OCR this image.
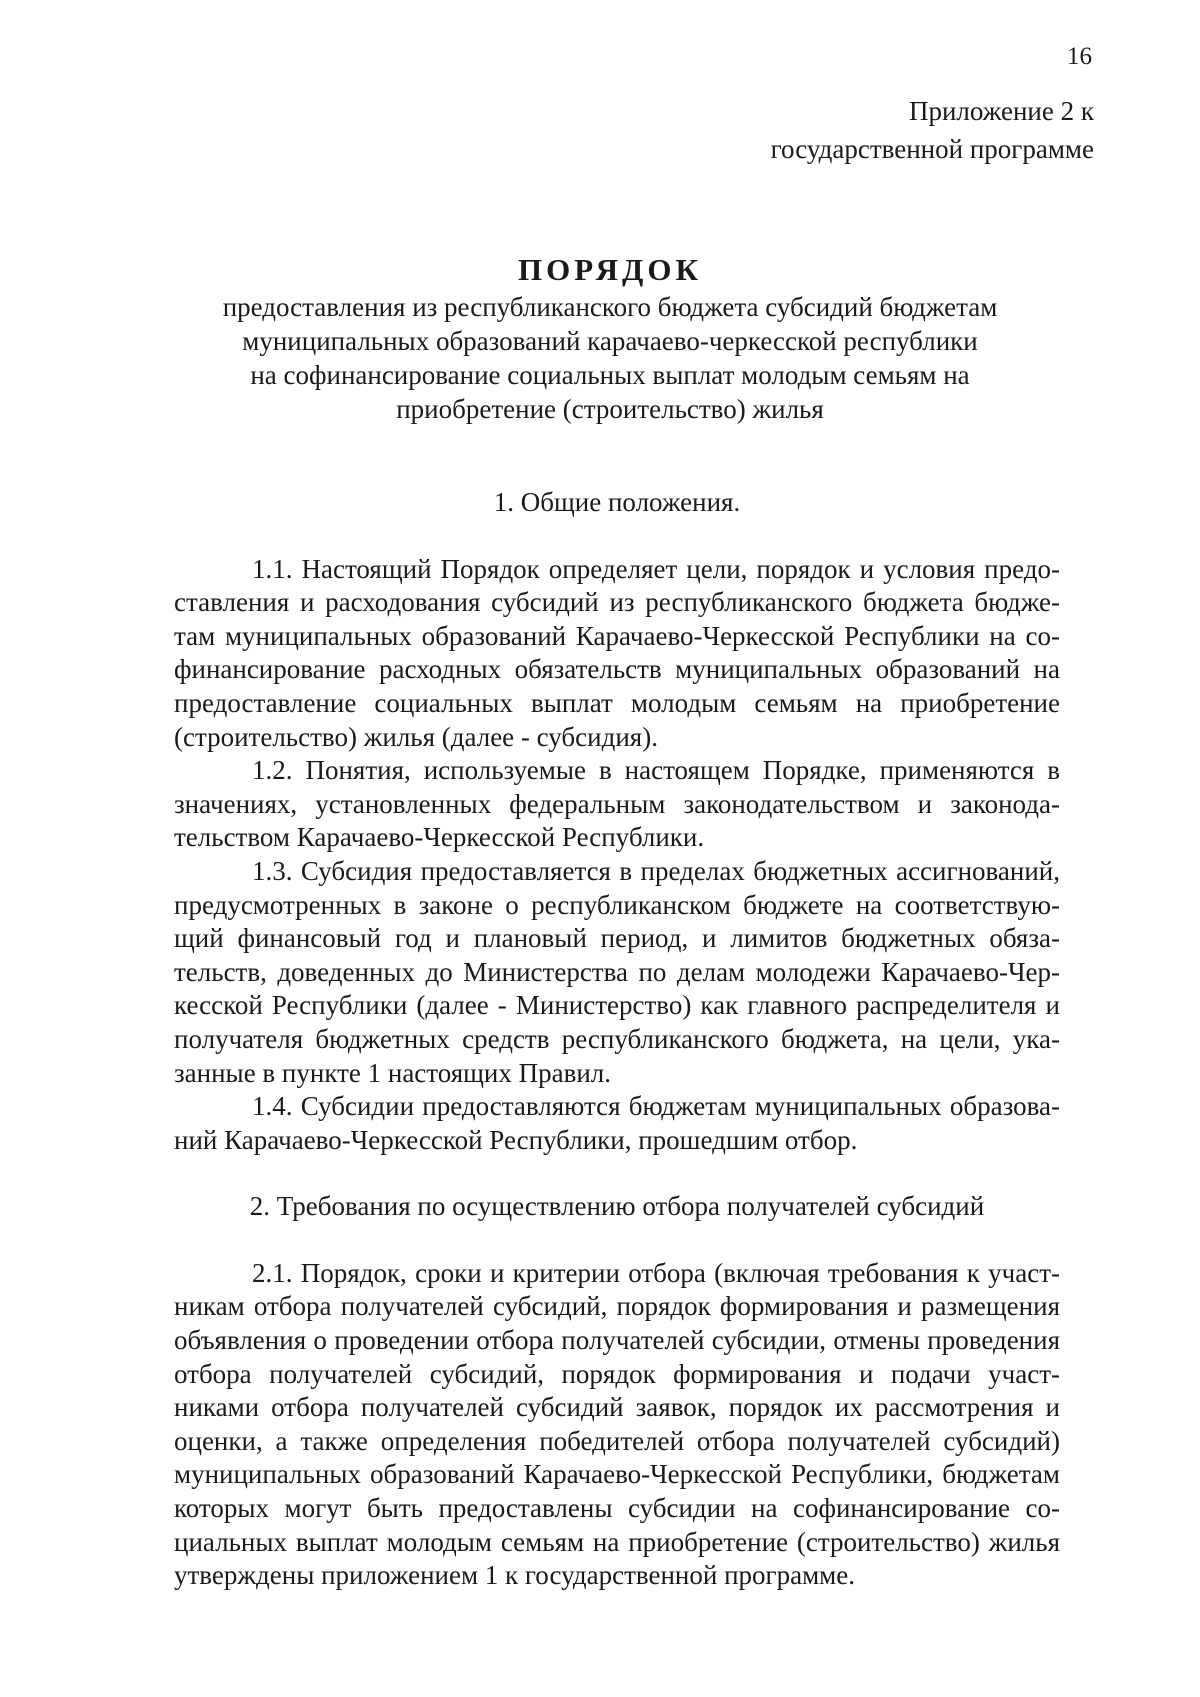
16
Приложение 2 к
государственной программе

ПОРЯДОК

предоставления из республиканского бюджета субсидий бюджетам

муниципальных образований карачаево-черкесской республики

на софинансирование социальных выплат молодым семьям на

приобретение (строительство) жилья

1. Общие положения.

1.1. Настоящий Порядок определяет цели, порядок и условия предоставления и расходования субсидий из республиканского бюджета бюджетам муниципальных образований Карачаево-Черкесской Республики на софинансирование расходных обязательств муниципальных образований на предоставление социальных выплат молодым семьям на приобретение (строительство) жилья (далее - субсидия).

1.2. Понятия, используемые в настоящем Порядке, применяются в значениях, установленных федеральным законодательством и законодательством Карачаево-Черкесской Республики.

1.3. Субсидия предоставляется в пределах бюджетных ассигнований, предусмотренных в законе о республиканском бюджете на соответствующий финансовый год и плановый период, и лимитов бюджетных обязательств, доведенных до Министерства по делам молодежи Карачаево-Черкесской Республики (далее - Министерство) как главного распределителя и получателя бюджетных средств республиканского бюджета, на цели, указанные в пункте 1 настоящих Правил.

1.4. Субсидии предоставляются бюджетам муниципальных образований Карачаево-Черкесской Республики, прошедшим отбор.

2. Требования по осуществлению отбора получателей субсидий

2.1. Порядок, сроки и критерии отбора (включая требования к участникам отбора получателей субсидий, порядок формирования и размещения объявления о проведении отбора получателей субсидии, отмены проведения отбора получателей субсидий, порядок формирования и подачи участниками отбора получателей субсидий заявок, порядок их рассмотрения и оценки, а также определения победителей отбора получателей субсидий) муниципальных образований Карачаево-Черкесской Республики, бюджетам которых могут быть предоставлены субсидии на софинансирование социальных выплат молодым семьям на приобретение (строительство) жилья утверждены приложением 1 к государственной программе.
